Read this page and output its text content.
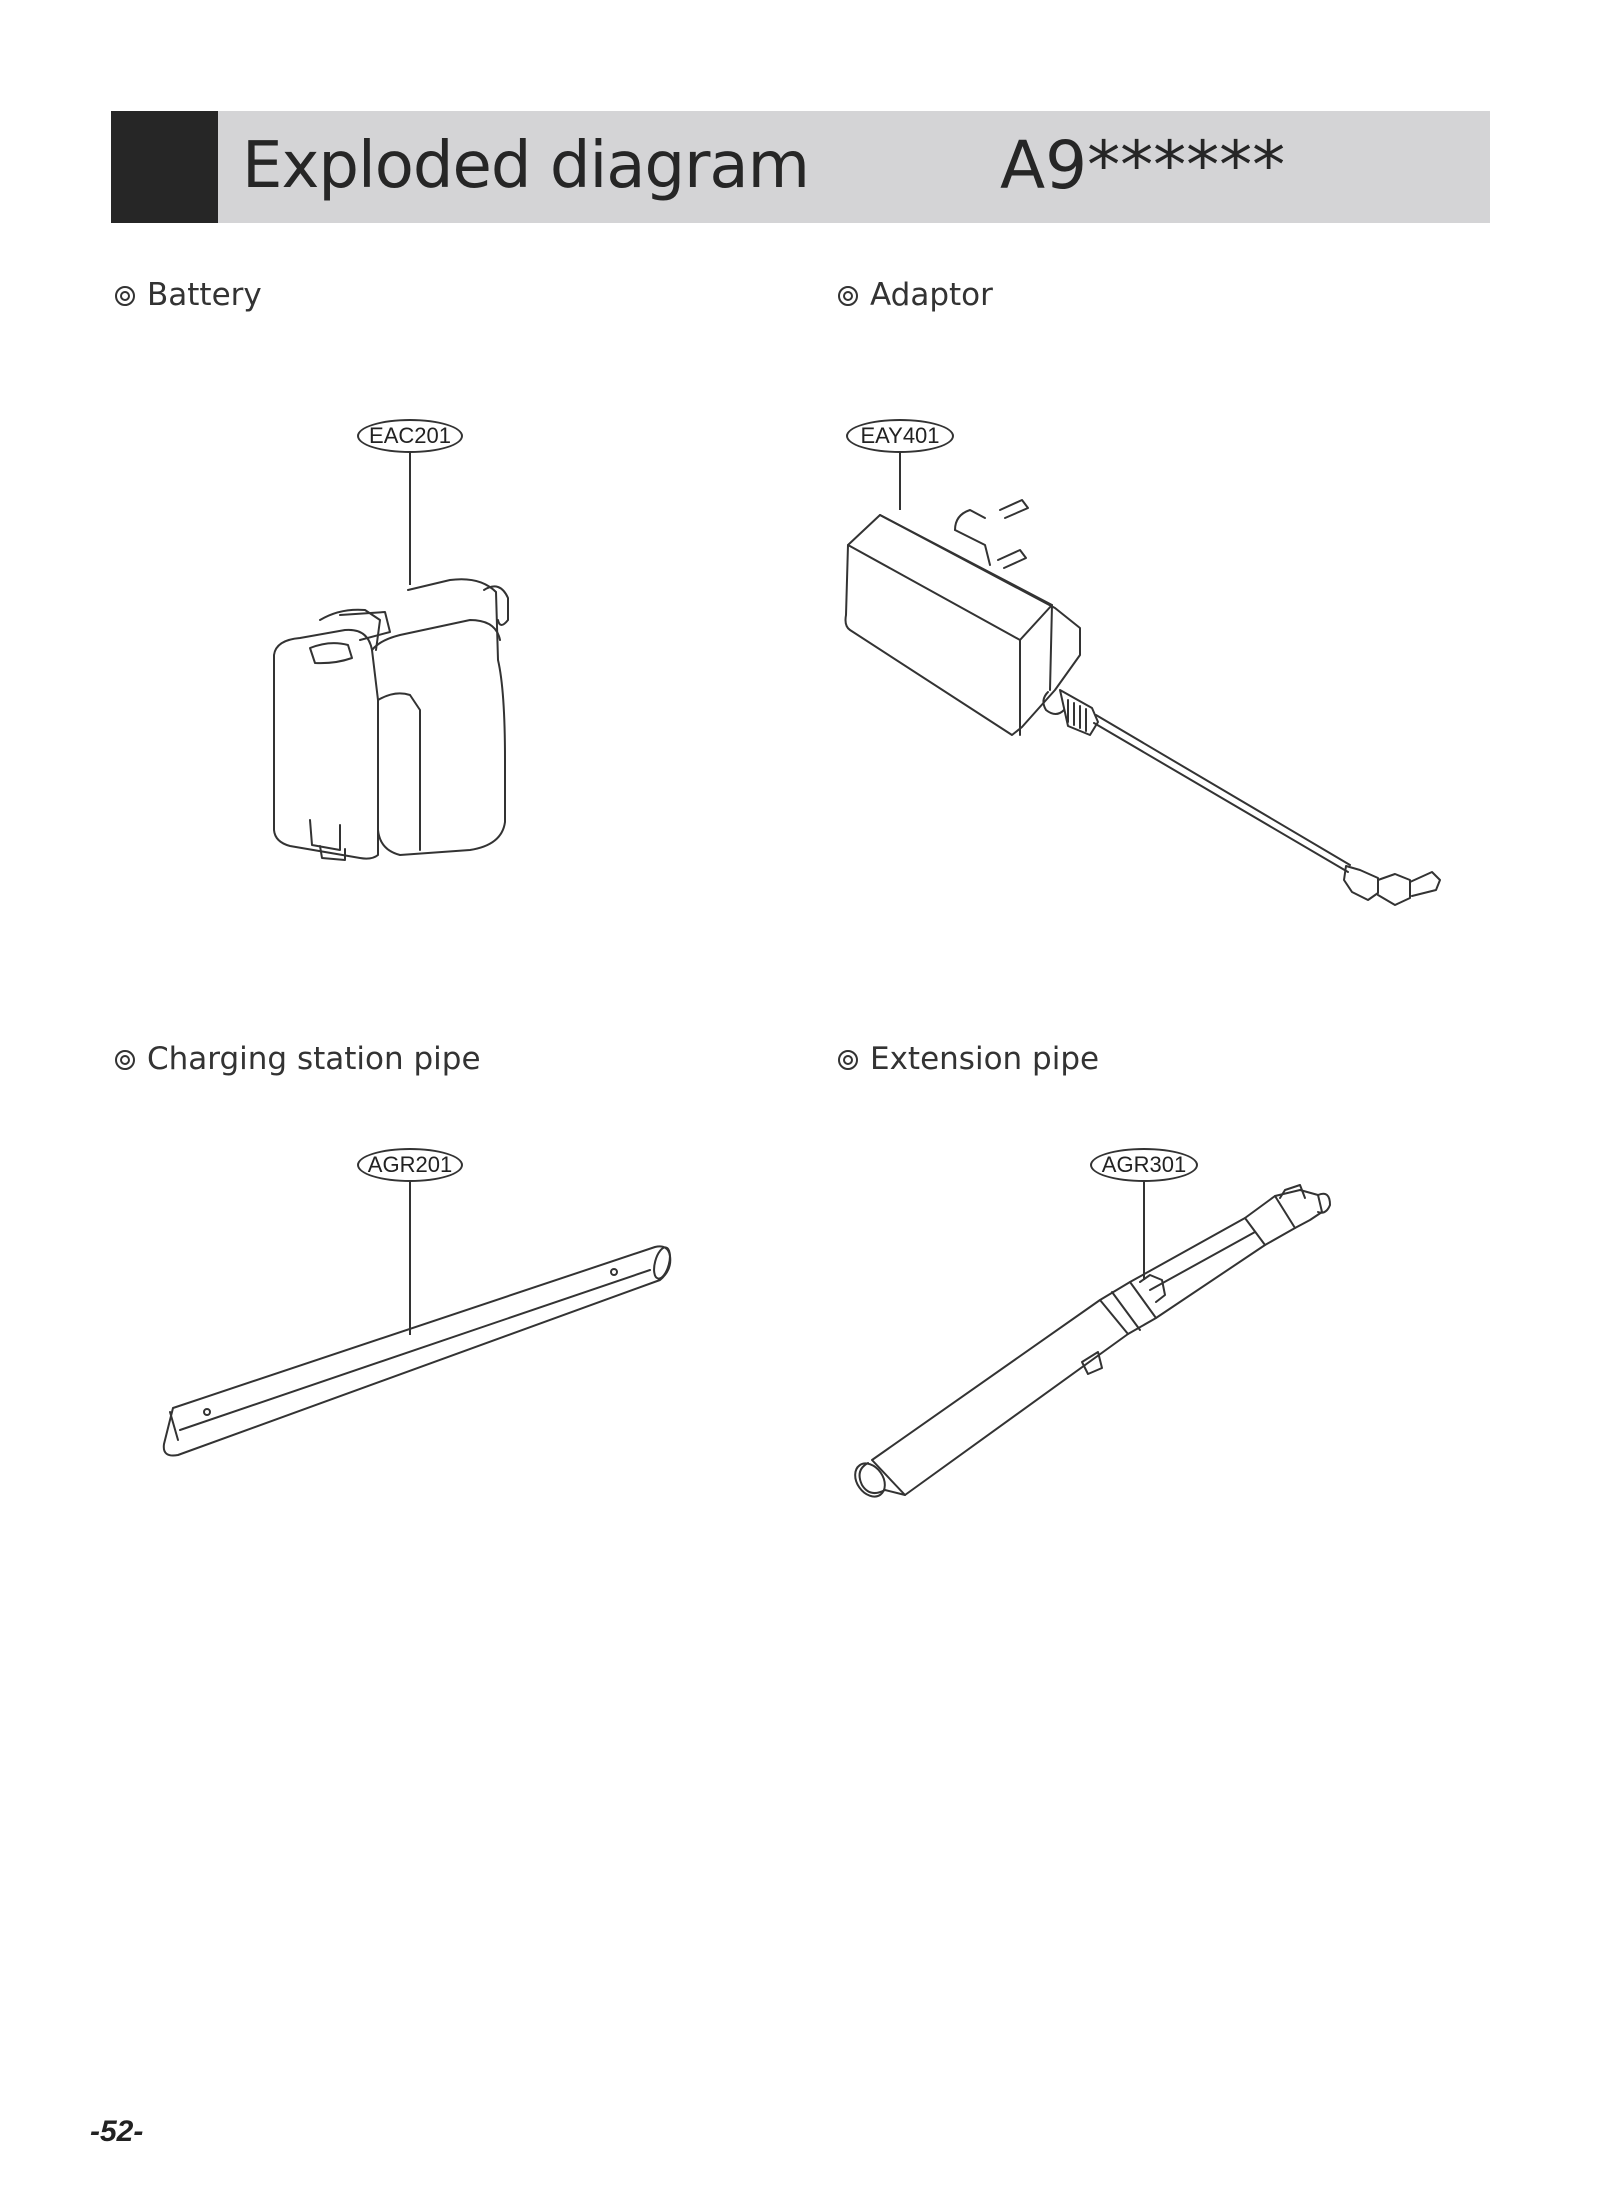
Exploded diagram	A9******
Battery	Adaptor
Charging station pipe	Extension pipe
EAC201	EAY401
AGR201	AGR301
-52-
